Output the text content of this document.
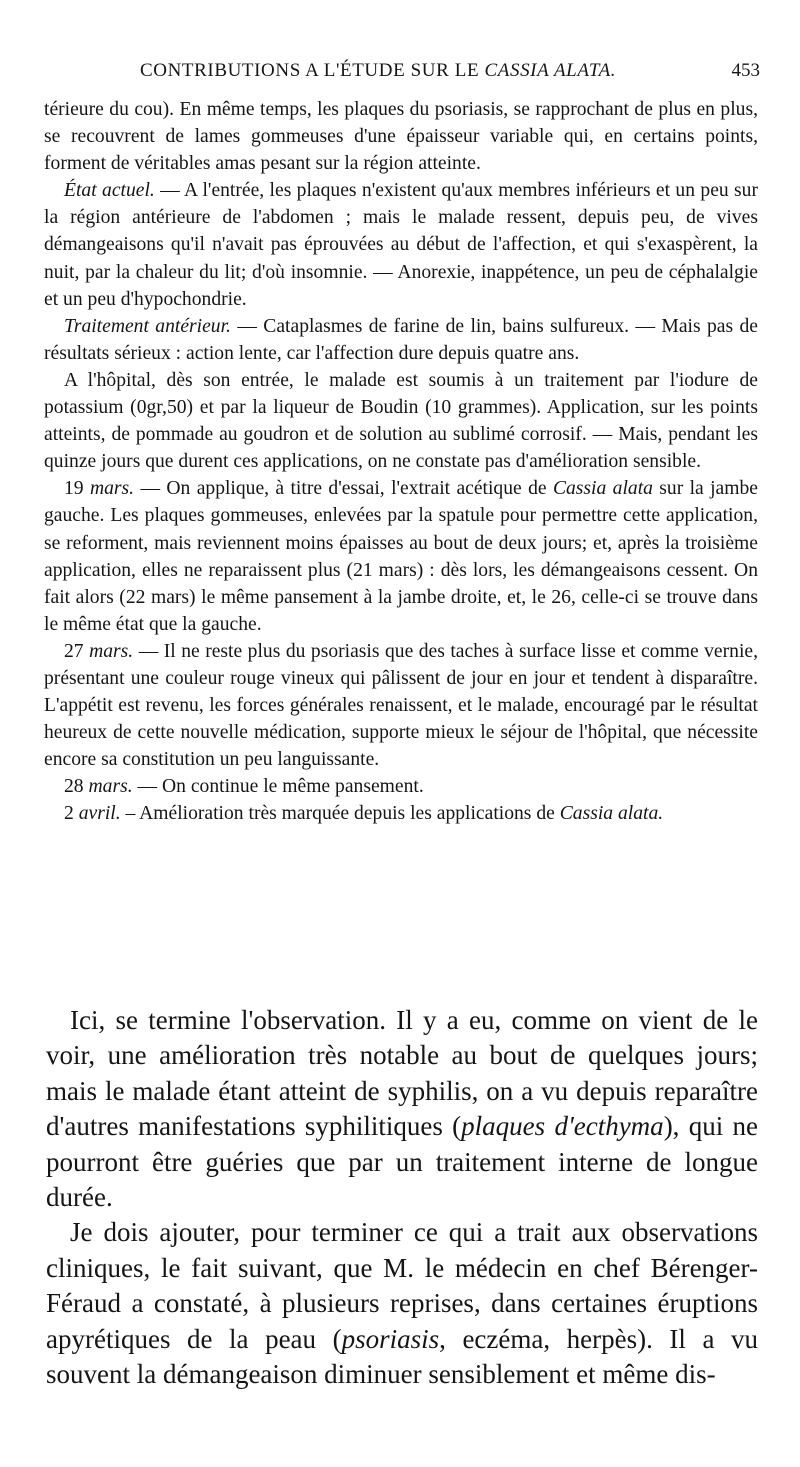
CONTRIBUTIONS A L'ÉTUDE SUR LE CASSIA ALATA.	453

térieure du cou). En même temps, les plaques du psoriasis, se rapprochant de plus en plus, se recouvrent de lames gommeuses d'une épaisseur variable qui, en certains points, forment de véritables amas pesant sur la région atteinte.

État actuel. — A l'entrée, les plaques n'existent qu'aux membres inférieurs et un peu sur la région antérieure de l'abdomen ; mais le malade ressent, depuis peu, de vives démangeaisons qu'il n'avait pas éprouvées au début de l'affection, et qui s'exaspèrent, la nuit, par la chaleur du lit; d'où insomnie. — Anorexie, inappétence, un peu de céphalalgie et un peu d'hypochondrie.

Traitement antérieur. — Cataplasmes de farine de lin, bains sulfureux. — Mais pas de résultats sérieux : action lente, car l'affection dure depuis quatre ans.

A l'hôpital, dès son entrée, le malade est soumis à un traitement par l'iodure de potassium (0gr,50) et par la liqueur de Boudin (10 grammes). Application, sur les points atteints, de pommade au goudron et de solution au sublimé corrosif. — Mais, pendant les quinze jours que durent ces applications, on ne constate pas d'amélioration sensible.

19 mars. — On applique, à titre d'essai, l'extrait acétique de Cassia alata sur la jambe gauche. Les plaques gommeuses, enlevées par la spatule pour permettre cette application, se reforment, mais reviennent moins épaisses au bout de deux jours; et, après la troisième application, elles ne reparaissent plus (21 mars) : dès lors, les démangeaisons cessent. On fait alors (22 mars) le même pansement à la jambe droite, et, le 26, celle-ci se trouve dans le même état que la gauche.

27 mars. — Il ne reste plus du psoriasis que des taches à surface lisse et comme vernie, présentant une couleur rouge vineux qui pâlissent de jour en jour et tendent à disparaître. L'appétit est revenu, les forces générales renaissent, et le malade, encouragé par le résultat heureux de cette nouvelle médication, supporte mieux le séjour de l'hôpital, que nécessite encore sa constitution un peu languissante.

28 mars. — On continue le même pansement.

2 avril. – Amélioration très marquée depuis les applications de Cassia alata.

Ici, se termine l'observation. Il y a eu, comme on vient de le voir, une amélioration très notable au bout de quelques jours; mais le malade étant atteint de syphilis, on a vu depuis reparaître d'autres manifestations syphilitiques (plaques d'ecthyma), qui ne pourront être guéries que par un traitement interne de longue durée.

Je dois ajouter, pour terminer ce qui a trait aux observations cliniques, le fait suivant, que M. le médecin en chef Bérenger-Féraud a constaté, à plusieurs reprises, dans certaines éruptions apyrétiques de la peau (psoriasis, eczéma, herpès). Il a vu souvent la démangeaison diminuer sensiblement et même dis-
